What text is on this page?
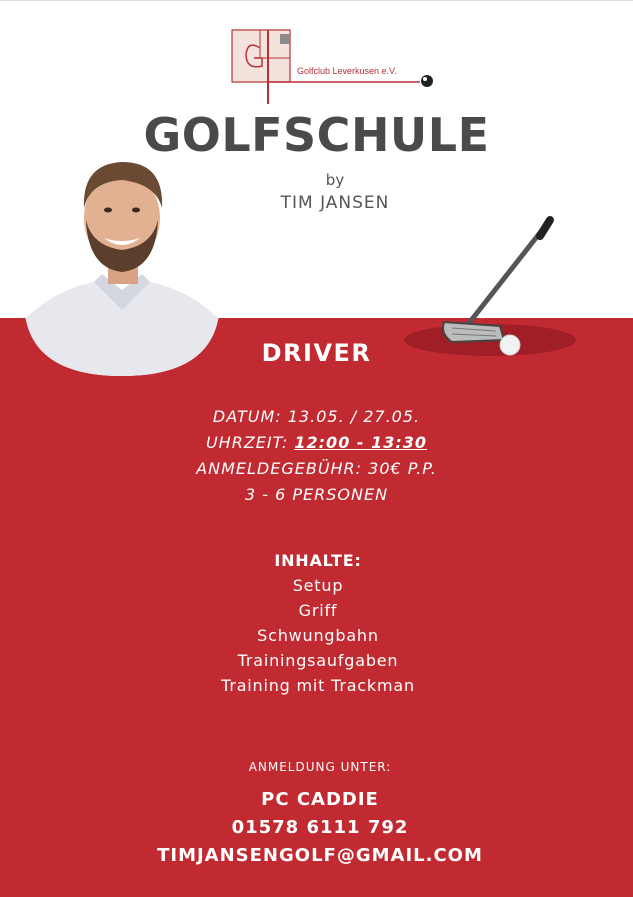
Golfclub Leverkusen e.V.
GOLFSCHULE
by
TIM JANSEN
DRIVER
DATUM: 13.05. / 27.05.
UHRZEIT: 12:00 - 13:30
ANMELDEGEBÜHR: 30€ P.P.
3 - 6 PERSONEN
INHALTE:
Setup
Griff
Schwungbahn
Trainingsaufgaben
Training mit Trackman
ANMELDUNG UNTER:
PC CADDIE
01578 6111 792
TIMJANSENGOLF@GMAIL.COM
